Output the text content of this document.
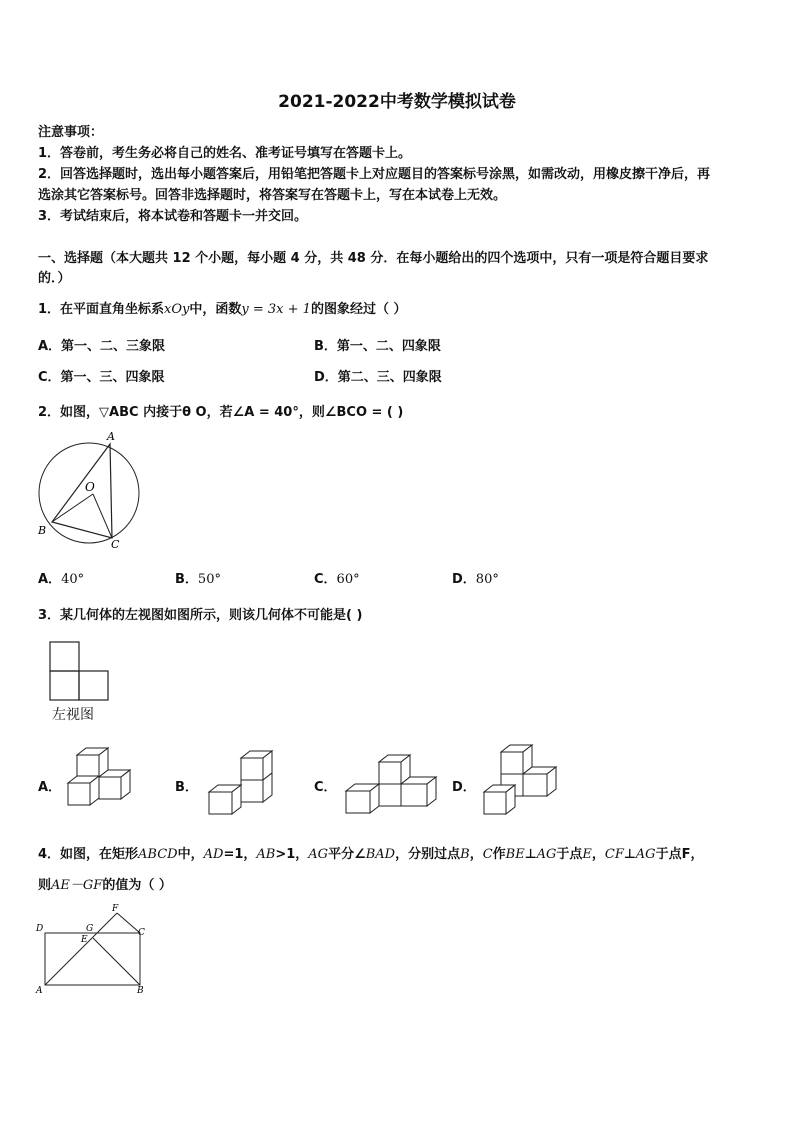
2021-2022中考数学模拟试卷
注意事项：
1．答卷前，考生务必将自己的姓名、准考证号填写在答题卡上。
2．回答选择题时，选出每小题答案后，用铅笔把答题卡上对应题目的答案标号涂黑，如需改动，用橡皮擦干净后，再
选涂其它答案标号。回答非选择题时，将答案写在答题卡上，写在本试卷上无效。
3．考试结束后，将本试卷和答题卡一并交回。
一、选择题（本大题共 12 个小题，每小题 4 分，共 48 分．在每小题给出的四个选项中，只有一项是符合题目要求
的．）
1．在平面直角坐标系xOy中，函数y = 3x + 1的图象经过（ ）
A．第一、二、三象限	B．第一、二、四象限
C．第一、三、四象限	D．第二、三、四象限
2．如图，▽ABC 内接于θ O，若∠A = 40°，则∠BCO = ( )
A
O
B
C
A．40°	B．50°	C．60°	D．80°
3．某几何体的左视图如图所示，则该几何体不可能是( )
左视图
A．	B．	C．	D．
4．如图，在矩形ABCD中，AD=1，AB>1，AG平分∠BAD，分别过点B，C作BE⊥AG于点E，CF⊥AG于点F，
则AE－GF的值为（ ）
D	G
E
F
C
A	B
